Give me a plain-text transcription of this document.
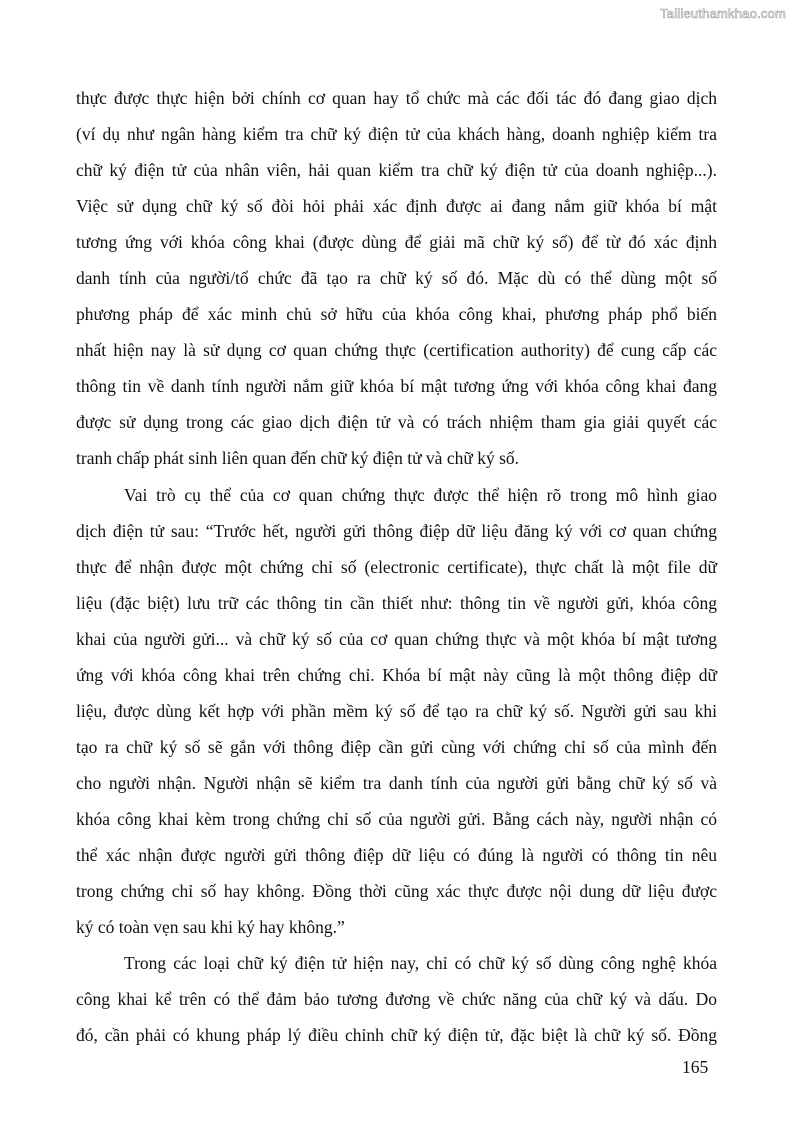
Tailieuthamkhao.com
thực được thực hiện bởi chính cơ quan hay tổ chức mà các đối tác đó đang giao dịch
(ví dụ như ngân hàng kiểm tra chữ ký điện tử của khách hàng, doanh nghiệp kiểm tra
chữ ký điện tử của nhân viên, hải quan kiểm tra chữ ký điện tử của doanh nghiệp...).
Việc sử dụng chữ ký số đòi hỏi phải xác định được ai đang nắm giữ khóa bí mật
tương ứng với khóa công khai (được dùng để giải mã chữ ký số) để từ đó xác định
danh tính của người/tổ chức đã tạo ra chữ ký số đó. Mặc dù có thể dùng một số
phương pháp để xác minh chủ sở hữu của khóa công khai, phương pháp phổ biến
nhất hiện nay là sử dụng cơ quan chứng thực (certification authority) để cung cấp các
thông tin về danh tính người nắm giữ khóa bí mật tương ứng với khóa công khai đang
được sử dụng trong các giao dịch điện tử và có trách nhiệm tham gia giải quyết các
tranh chấp phát sinh liên quan đến chữ ký điện tử và chữ ký số.
Vai trò cụ thể của cơ quan chứng thực được thể hiện rõ trong mô hình giao
dịch điện tử sau: “Trước hết, người gửi thông điệp dữ liệu đăng ký với cơ quan chứng
thực để nhận được một chứng chỉ số (electronic certificate), thực chất là một file dữ
liệu (đặc biệt) lưu trữ các thông tin cần thiết như: thông tin về người gửi, khóa công
khai của người gửi... và chữ ký số của cơ quan chứng thực và một khóa bí mật tương
ứng với khóa công khai trên chứng chỉ. Khóa bí mật này cũng là một thông điệp dữ
liệu, được dùng kết hợp với phần mềm ký số để tạo ra chữ ký số. Người gửi sau khi
tạo ra chữ ký số sẽ gắn với thông điệp cần gửi cùng với chứng chỉ số của mình đến
cho người nhận. Người nhận sẽ kiểm tra danh tính của người gửi bằng chữ ký số và
khóa công khai kèm trong chứng chỉ số của người gửi. Bằng cách này, người nhận có
thể xác nhận được người gửi thông điệp dữ liệu có đúng là người có thông tin nêu
trong chứng chỉ số hay không. Đồng thời cũng xác thực được nội dung dữ liệu được
ký có toàn vẹn sau khi ký hay không.”
Trong các loại chữ ký điện tử hiện nay, chỉ có chữ ký số dùng công nghệ khóa
công khai kể trên có thể đảm bảo tương đương về chức năng của chữ ký và dấu. Do
đó, cần phải có khung pháp lý điều chỉnh chữ ký điện tử, đặc biệt là chữ ký số. Đồng
165
